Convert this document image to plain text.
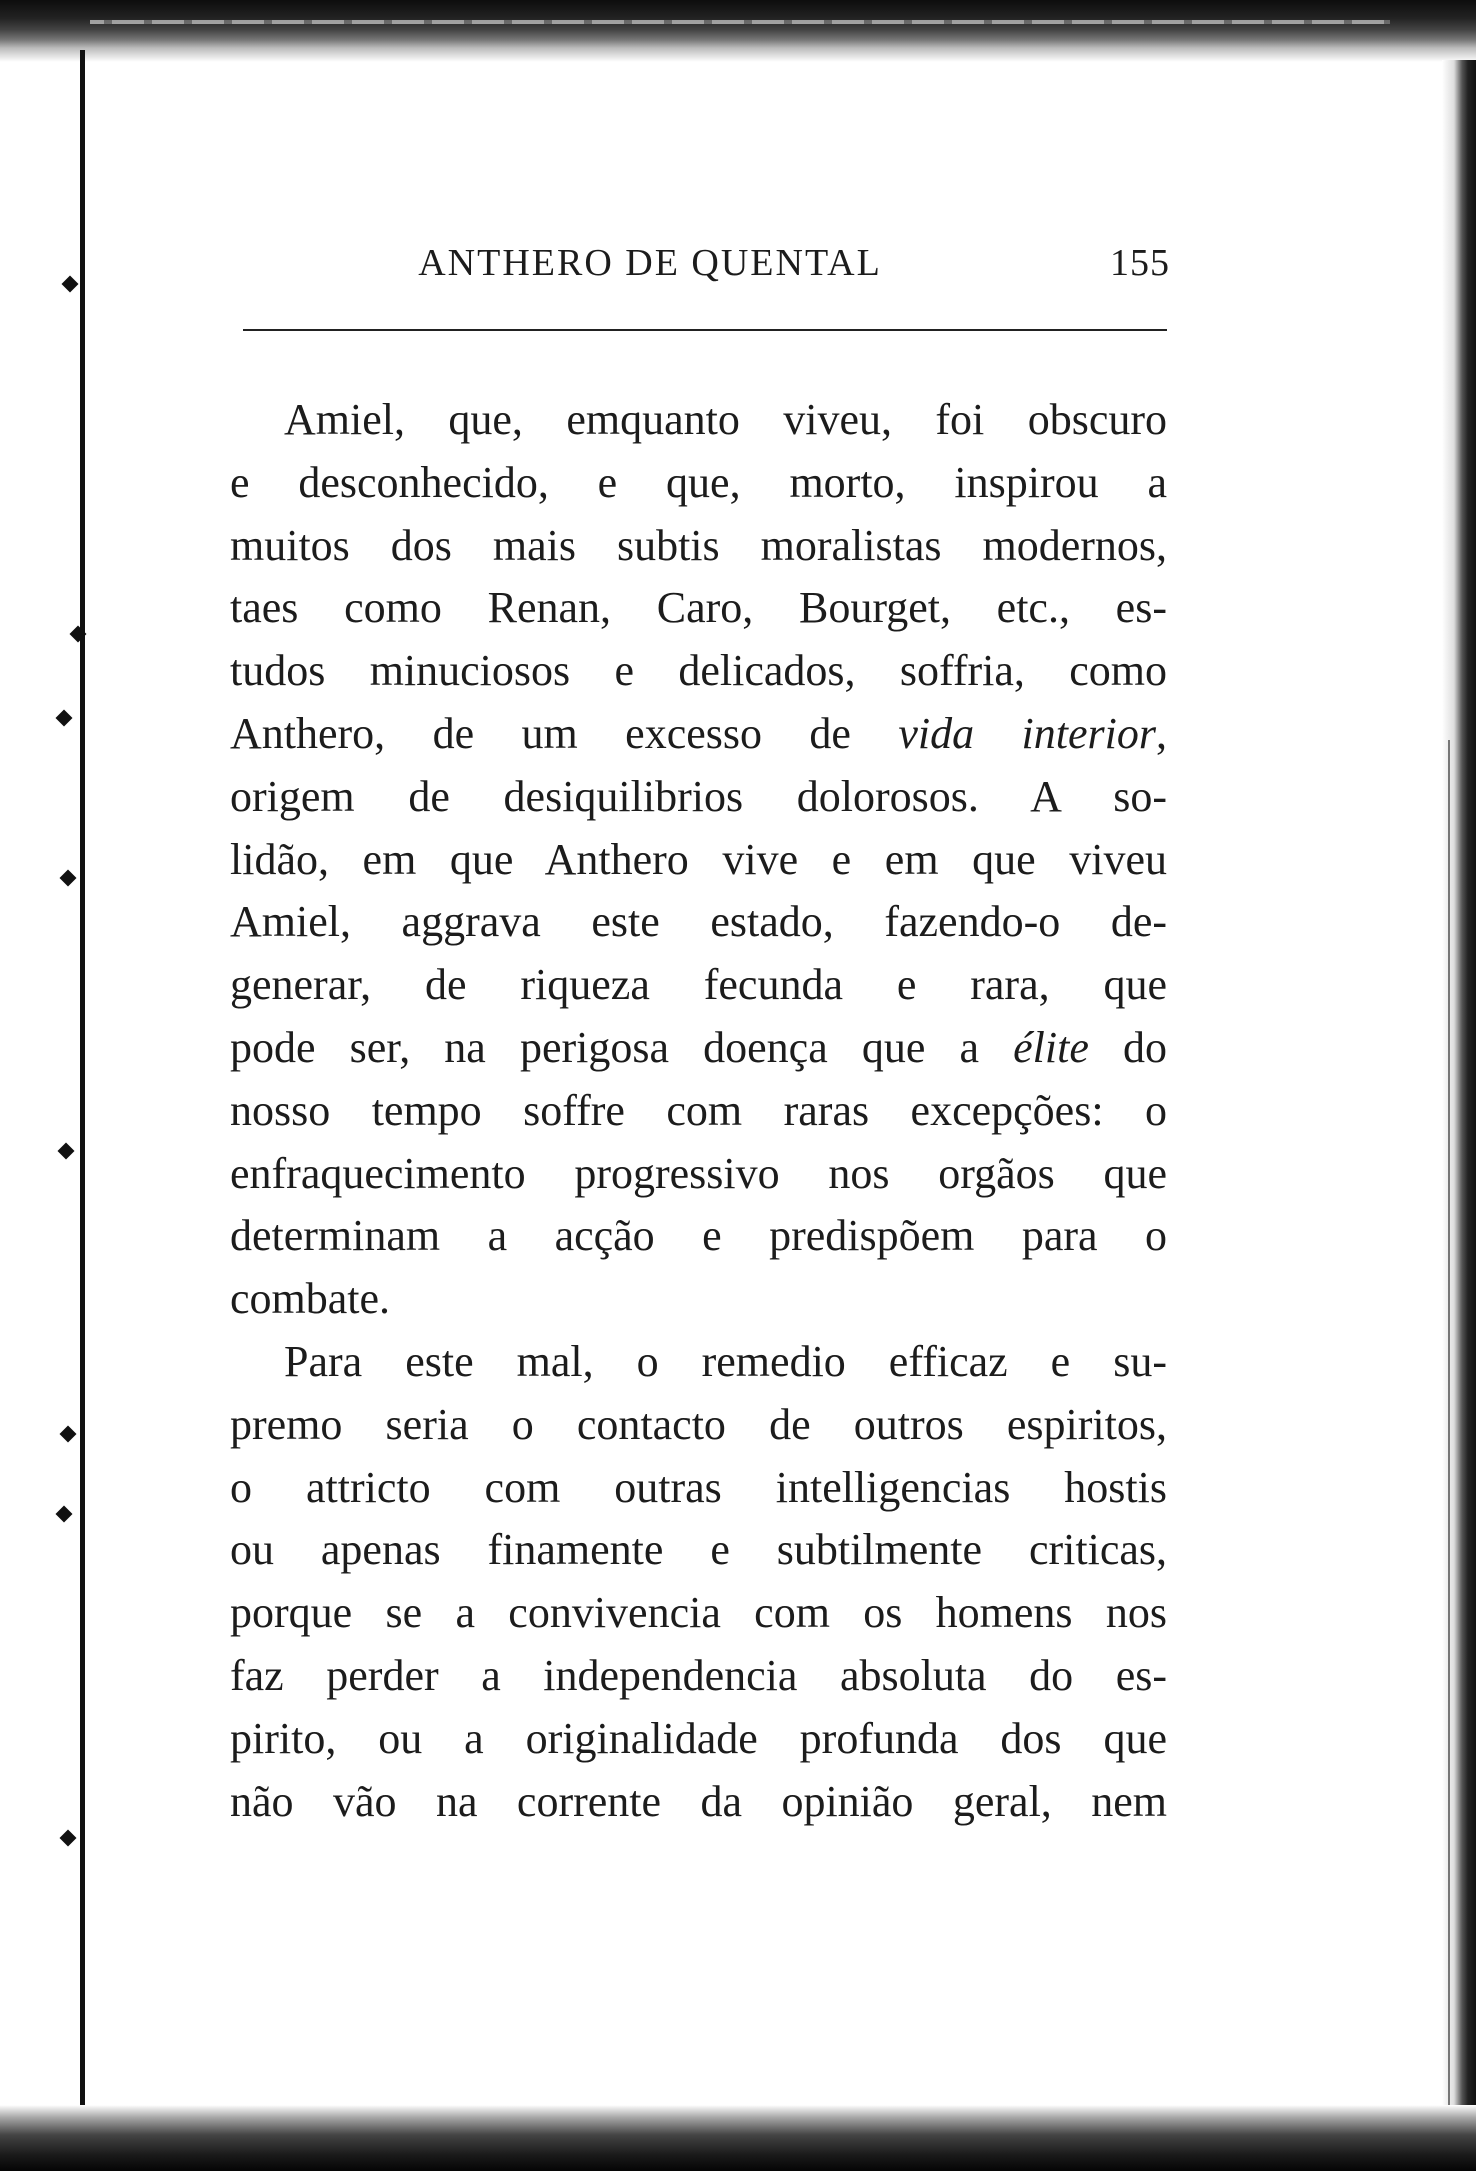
ANTHERO DE QUENTAL	155
Amiel, que, emquanto viveu, foi obscuro
e desconhecido, e que, morto, inspirou a
muitos dos mais subtis moralistas modernos,
taes como Renan, Caro, Bourget, etc., es-
tudos minuciosos e delicados, soffria, como
Anthero, de um excesso de vida interior,
origem de desiquilibrios dolorosos. A so-
lidão, em que Anthero vive e em que viveu
Amiel, aggrava este estado, fazendo-o de-
generar, de riqueza fecunda e rara, que
pode ser, na perigosa doença que a élite do
nosso tempo soffre com raras excepções: o
enfraquecimento progressivo nos orgãos que
determinam a acção e predispõem para o
combate.
Para este mal, o remedio efficaz e su-
premo seria o contacto de outros espiritos,
o attricto com outras intelligencias hostis
ou apenas finamente e subtilmente criticas,
porque se a convivencia com os homens nos
faz perder a independencia absoluta do es-
pirito, ou a originalidade profunda dos que
não vão na corrente da opinião geral, nem
